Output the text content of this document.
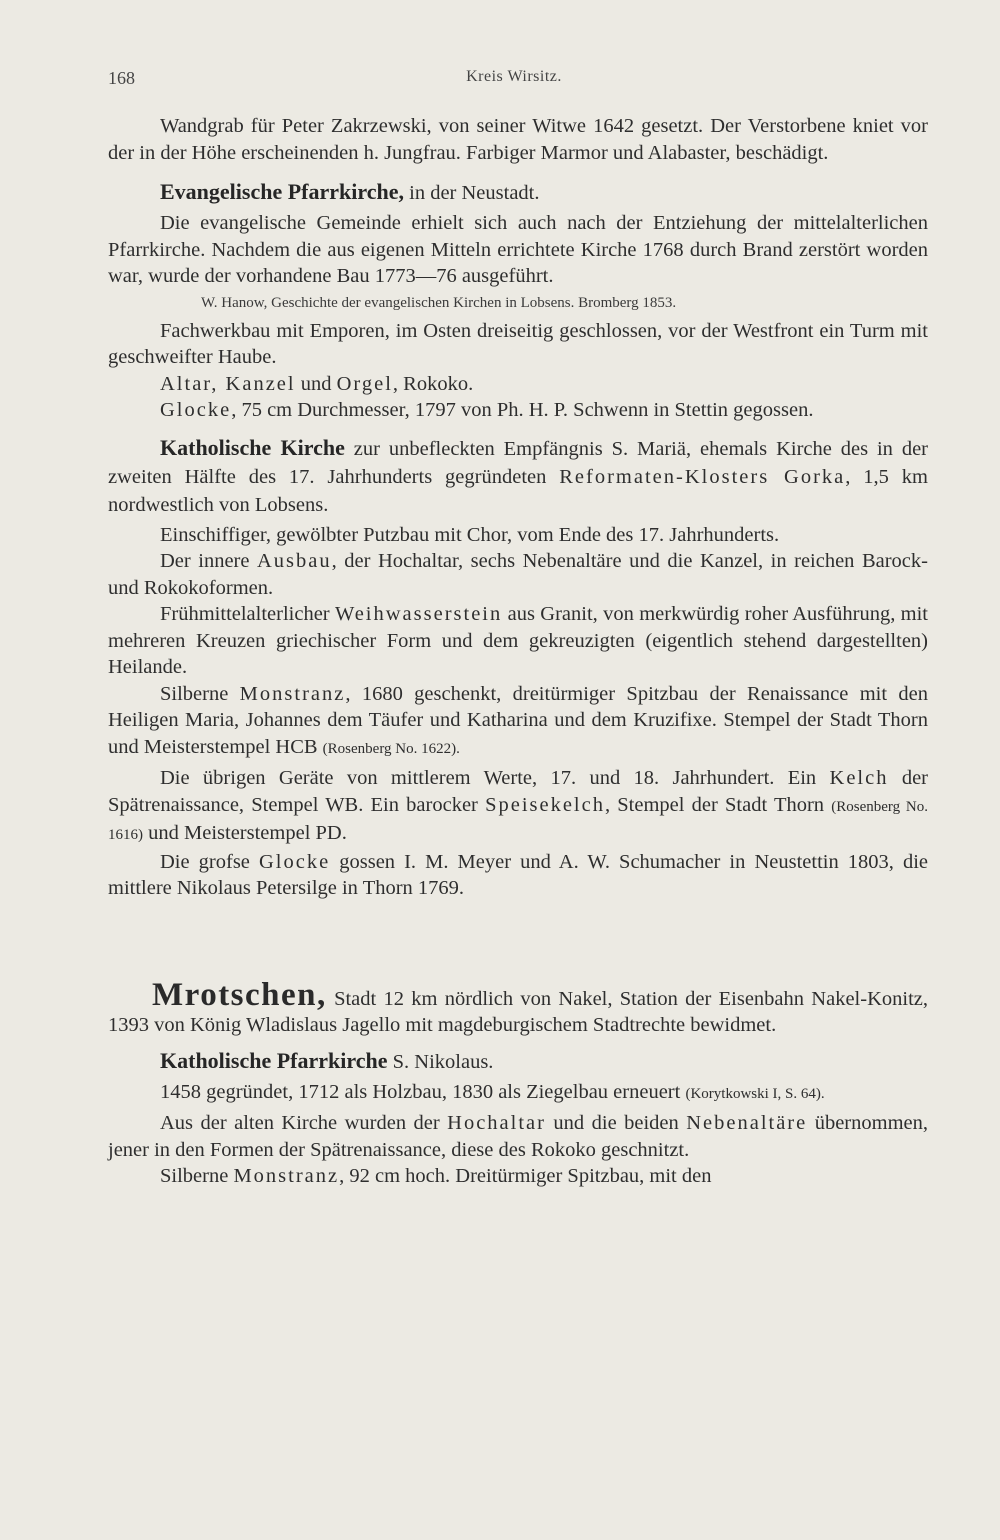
168	Kreis Wirsitz.

Wandgrab für Peter Zakrzewski, von seiner Witwe 1642 gesetzt. Der Verstorbene kniet vor der in der Höhe erscheinenden h. Jungfrau. Farbiger Marmor und Alabaster, beschädigt.

Evangelische Pfarrkirche, in der Neustadt.

Die evangelische Gemeinde erhielt sich auch nach der Entziehung der mittelalterlichen Pfarrkirche. Nachdem die aus eigenen Mitteln errichtete Kirche 1768 durch Brand zerstört worden war, wurde der vorhandene Bau 1773—76 ausgeführt.

W. Hanow, Geschichte der evangelischen Kirchen in Lobsens. Bromberg 1853.

Fachwerkbau mit Emporen, im Osten dreiseitig geschlossen, vor der Westfront ein Turm mit geschweifter Haube.

Altar, Kanzel und Orgel, Rokoko.

Glocke, 75 cm Durchmesser, 1797 von Ph. H. P. Schwenn in Stettin gegossen.

Katholische Kirche zur unbefleckten Empfängnis S. Mariä, ehemals Kirche des in der zweiten Hälfte des 17. Jahrhunderts gegründeten Reformaten-Klosters Gorka, 1,5 km nordwestlich von Lobsens.

Einschiffiger, gewölbter Putzbau mit Chor, vom Ende des 17. Jahrhunderts.

Der innere Ausbau, der Hochaltar, sechs Nebenaltäre und die Kanzel, in reichen Barock- und Rokokoformen.

Frühmittelalterlicher Weihwasserstein aus Granit, von merkwürdig roher Ausführung, mit mehreren Kreuzen griechischer Form und dem gekreuzigten (eigentlich stehend dargestellten) Heilande.

Silberne Monstranz, 1680 geschenkt, dreitürmiger Spitzbau der Renaissance mit den Heiligen Maria, Johannes dem Täufer und Katharina und dem Kruzifixe. Stempel der Stadt Thorn und Meisterstempel HCB (Rosenberg No. 1622).

Die übrigen Geräte von mittlerem Werte, 17. und 18. Jahrhundert. Ein Kelch der Spätrenaissance, Stempel WB. Ein barocker Speisekelch, Stempel der Stadt Thorn (Rosenberg No. 1616) und Meisterstempel PD.

Die grofse Glocke gossen I. M. Meyer und A. W. Schumacher in Neustettin 1803, die mittlere Nikolaus Petersilge in Thorn 1769.

Mrotschen, Stadt 12 km nördlich von Nakel, Station der Eisenbahn Nakel-Konitz, 1393 von König Wladislaus Jagello mit magdeburgischem Stadtrechte bewidmet.

Katholische Pfarrkirche S. Nikolaus.

1458 gegründet, 1712 als Holzbau, 1830 als Ziegelbau erneuert (Korytkowski I, S. 64).

Aus der alten Kirche wurden der Hochaltar und die beiden Nebenaltäre übernommen, jener in den Formen der Spätrenaissance, diese des Rokoko geschnitzt.

Silberne Monstranz, 92 cm hoch. Dreitürmiger Spitzbau, mit den
